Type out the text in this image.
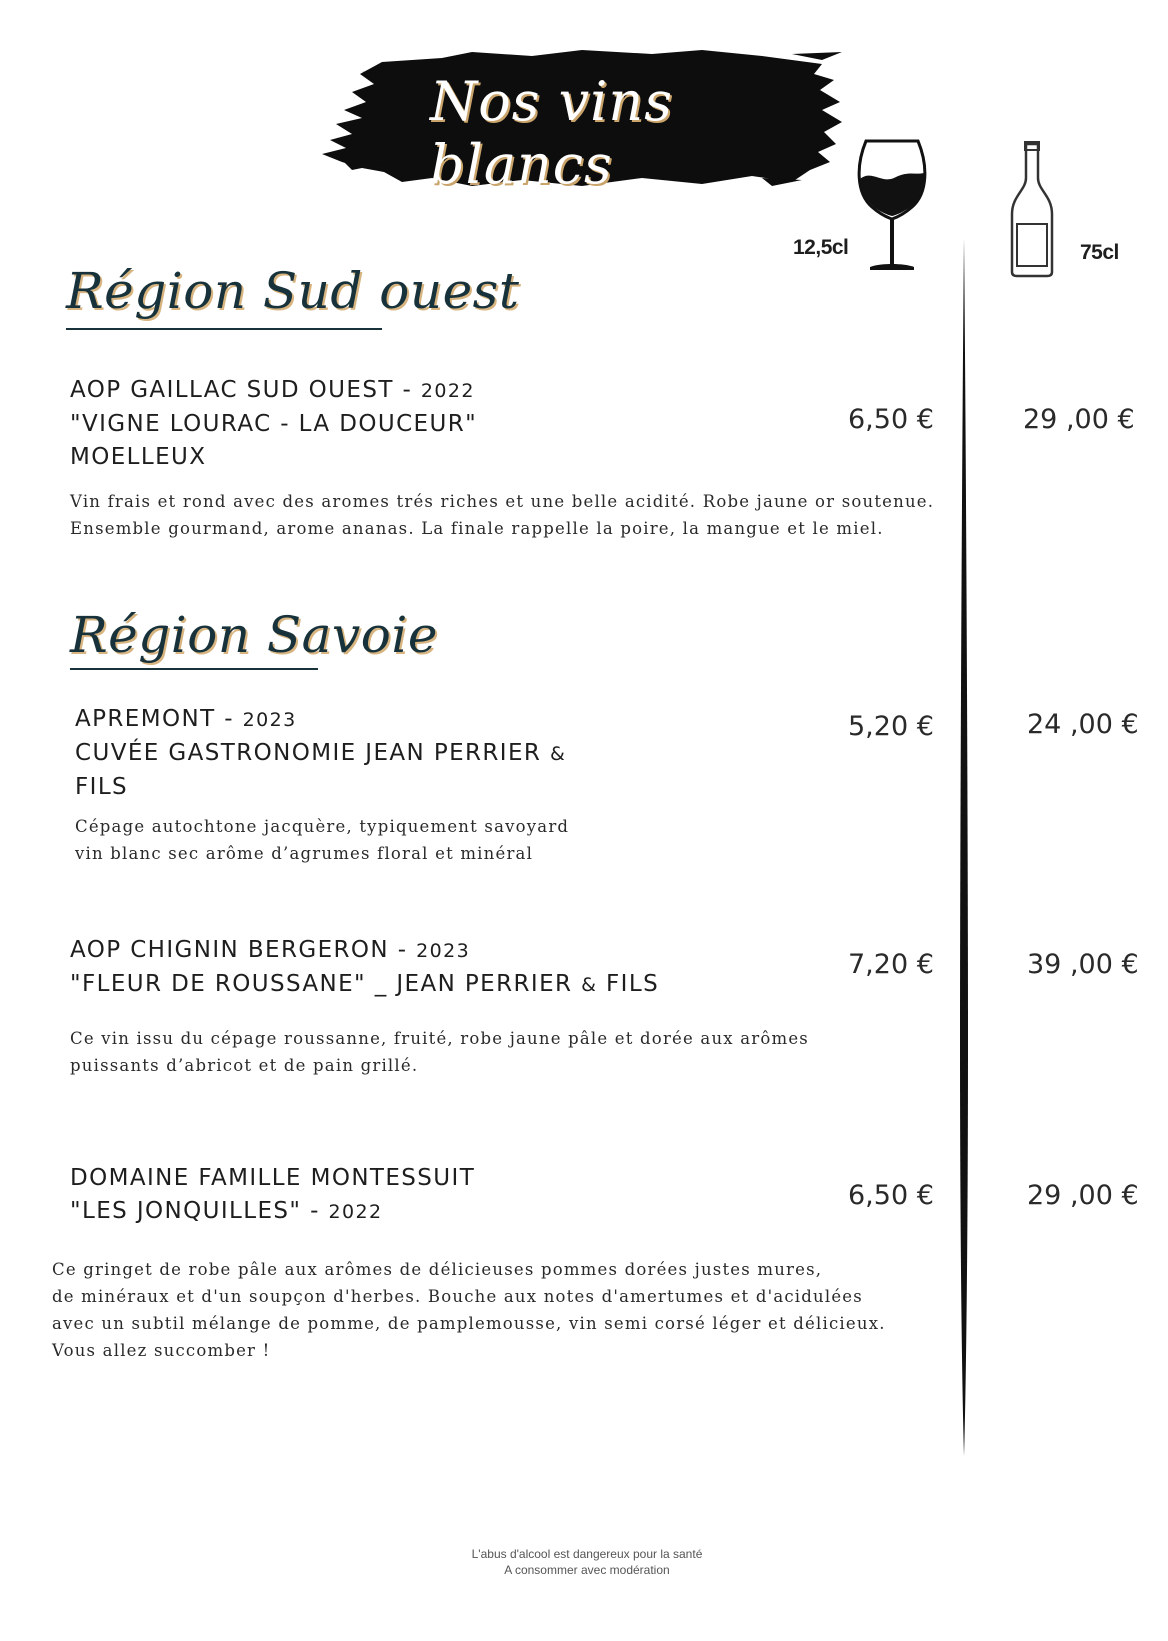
Nos vins blancs
12,5cl	75cl
Région Sud ouest
AOP GAILLAC SUD OUEST - 2022
"VIGNE LOURAC - LA DOUCEUR"
MOELLEUX
Vin frais et rond avec des aromes trés riches et une belle acidité. Robe jaune or soutenue.
Ensemble gourmand, arome ananas. La finale rappelle la poire, la mangue et le miel.
6,50 €	29 ,00 €
Région Savoie
APREMONT - 2023
CUVÉE GASTRONOMIE JEAN PERRIER &
FILS
Cépage autochtone jacquère, typiquement savoyard
vin blanc sec arôme d’agrumes floral et minéral
5,20 €	24 ,00 €
AOP CHIGNIN BERGERON - 2023
"FLEUR DE ROUSSANE" _ JEAN PERRIER & FILS
Ce vin issu du cépage roussanne, fruité, robe jaune pâle et dorée aux arômes
puissants d’abricot et de pain grillé.
7,20 €	39 ,00 €
DOMAINE FAMILLE MONTESSUIT
"LES JONQUILLES" - 2022
Ce gringet de robe pâle aux arômes de délicieuses pommes dorées justes mures,
de minéraux et d'un soupçon d'herbes. Bouche aux notes d'amertumes et d'acidulées
avec un subtil mélange de pomme, de pamplemousse, vin semi corsé léger et délicieux.
Vous allez succomber !
6,50 €	29 ,00 €
L'abus d'alcool est dangereux pour la santé
A consommer avec modération
